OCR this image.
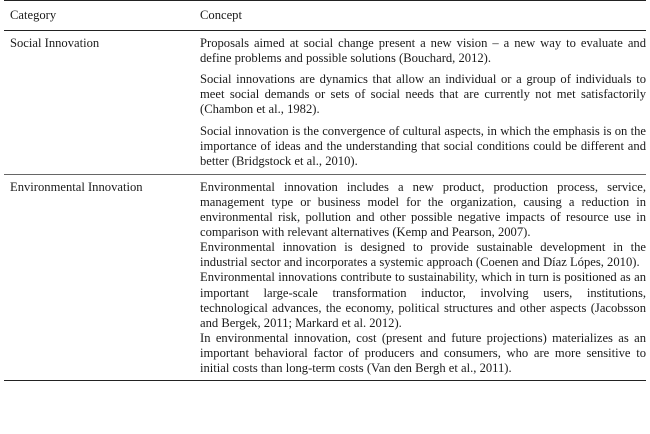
Category	Concept
Social Innovation	Proposals aimed at social change present a new vision – a new way to evaluate and define problems and possible solutions (Bouchard, 2012).

Social innovations are dynamics that allow an individual or a group of individuals to meet social demands or sets of social needs that are currently not met satisfactorily (Chambon et al., 1982).

Social innovation is the convergence of cultural aspects, in which the emphasis is on the importance of ideas and the understanding that social conditions could be different and better (Bridgstock et al., 2010).

Environmental Innovation	Environmental innovation includes a new product, production process, service, management type or business model for the organization, causing a reduction in environmental risk, pollution and other possible negative impacts of resource use in comparison with relevant alternatives (Kemp and Pearson, 2007).

Environmental innovation is designed to provide sustainable development in the industrial sector and incorporates a systemic approach (Coenen and Díaz Lópes, 2010).

Environmental innovations contribute to sustainability, which in turn is positioned as an important large-scale transformation inductor, involving users, institutions, technological advances, the economy, political structures and other aspects (Jacobsson and Bergek, 2011; Markard et al. 2012).

In environmental innovation, cost (present and future projections) materializes as an important behavioral factor of producers and consumers, who are more sensitive to initial costs than long-term costs (Van den Bergh et al., 2011).
